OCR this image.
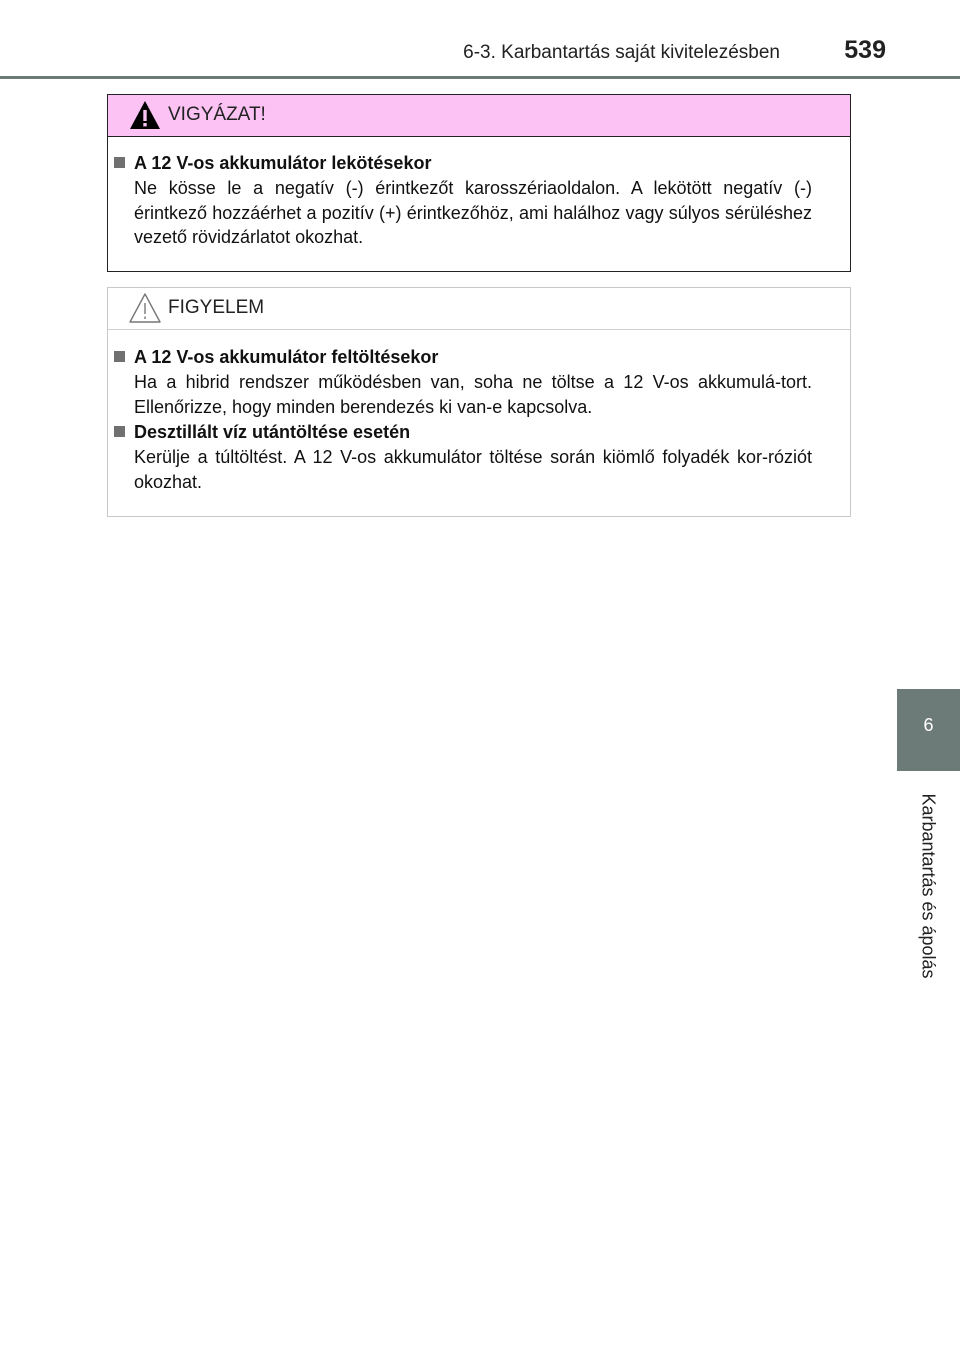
6-3. Karbantartás saját kivitelezésben	539
VIGYÁZAT!
A 12 V-os akkumulátor lekötésekor
Ne kösse le a negatív (-) érintkezőt karosszériaoldalon. A lekötött negatív (-) érintkező hozzáérhet a pozitív (+) érintkezőhöz, ami halálhoz vagy súlyos sérüléshez vezető rövidzárlatot okozhat.
FIGYELEM
A 12 V-os akkumulátor feltöltésekor
Ha a hibrid rendszer működésben van, soha ne töltse a 12 V-os akkumulá-tort. Ellenőrizze, hogy minden berendezés ki van-e kapcsolva.
Desztillált víz utántöltése esetén
Kerülje a túltöltést. A 12 V-os akkumulátor töltése során kiömlő folyadék kor-róziót okozhat.
6
Karbantartás és ápolás
